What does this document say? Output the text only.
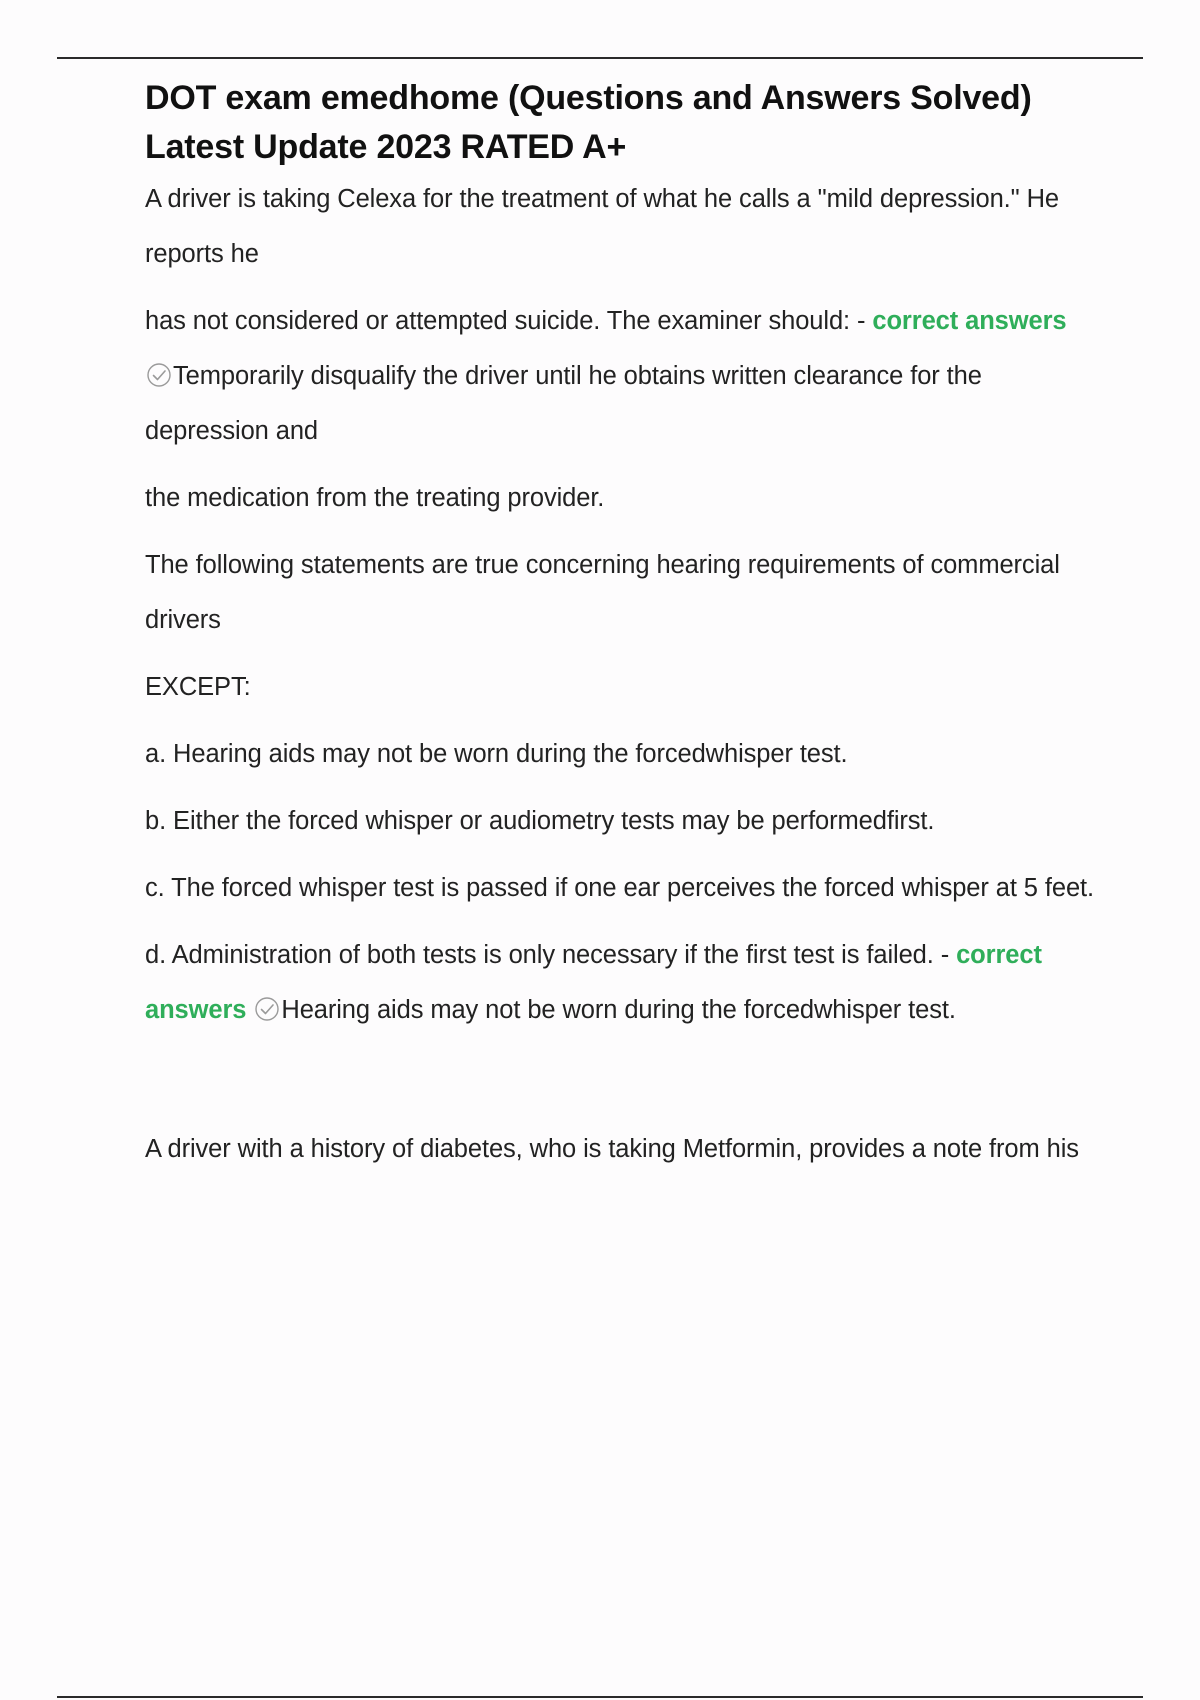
DOT exam emedhome (Questions and Answers Solved) Latest Update 2023 RATED A+

A driver is taking Celexa for the treatment of what he calls a "mild depression." He reports he

has not considered or attempted suicide. The examiner should: - correct answers Temporarily disqualify the driver until he obtains written clearance for the depression and

the medication from the treating provider.

The following statements are true concerning hearing requirements of commercial drivers

EXCEPT:

a. Hearing aids may not be worn during the forcedwhisper test.

b. Either the forced whisper or audiometry tests may be performedfirst.

c. The forced whisper test is passed if one ear perceives the forced whisper at 5 feet.

d. Administration of both tests is only necessary if the first test is failed. - correct answers Hearing aids may not be worn during the forcedwhisper test.

A driver with a history of diabetes, who is taking Metformin, provides a note from his
